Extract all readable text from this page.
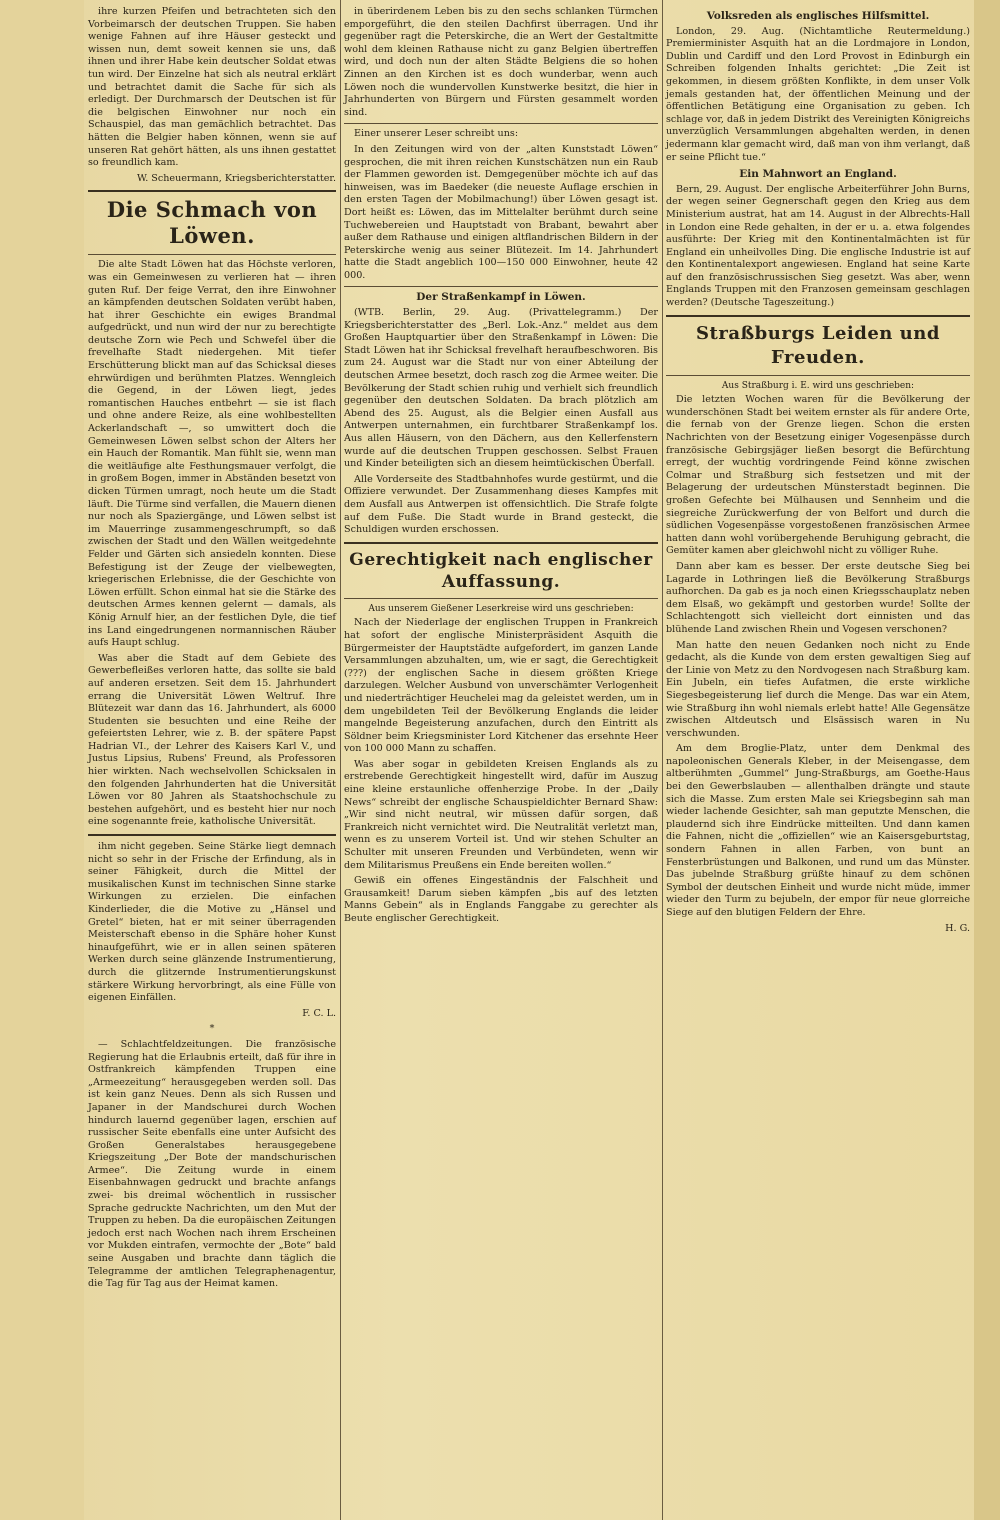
ihre kurzen Pfeifen und betrachteten sich den Vorbeimarsch der deutschen Truppen. Sie haben wenige Fahnen auf ihre Häuser gesteckt und wissen nun, demt soweit kennen sie uns, daß ihnen und ihrer Habe kein deutscher Soldat etwas tun wird. Der Einzelne hat sich als neutral erklärt und betrachtet damit die Sache für sich als erledigt. Der Durchmarsch der Deutschen ist für die belgischen Einwohner nur noch ein Schauspiel, das man gemächlich betrachtet. Das hätten die Belgier haben können, wenn sie auf unseren Rat gehört hätten, als uns ihnen gestattet so freundlich kam.

W. Scheuermann, Kriegsberichterstatter.

Die Schmach von Löwen.

Die alte Stadt Löwen hat das Höchste verloren, was ein Gemeinwesen zu verlieren hat — ihren guten Ruf. Der feige Verrat, den ihre Einwohner an kämpfenden deutschen Soldaten verübt haben, hat ihrer Geschichte ein ewiges Brandmal aufgedrückt, und nun wird der nur zu berechtigte deutsche Zorn wie Pech und Schwefel über die frevelhafte Stadt niedergehen. Mit tiefer Erschütterung blickt man auf das Schicksal dieses ehrwürdigen und berühmten Platzes. Wenngleich die Gegend, in der Löwen liegt, jedes romantischen Hauches entbehrt — sie ist flach und ohne andere Reize, als eine wohlbestellten Ackerlandschaft —, so umwittert doch die Gemeinwesen Löwen selbst schon der Alters her ein Hauch der Romantik. Man fühlt sie, wenn man die weitläufige alte Festhungsmauer verfolgt, die in großem Bogen, immer in Abständen besetzt von dicken Türmen umragt, noch heute um die Stadt läuft. Die Türme sind verfallen, die Mauern dienen nur noch als Spaziergänge, und Löwen selbst ist im Mauerringe zusammengeschrumpft, so daß zwischen der Stadt und den Wällen weitgedehnte Felder und Gärten sich ansiedeln konnten. Diese Befestigung ist der Zeuge der vielbewegten, kriegerischen Erlebnisse, die der Geschichte von Löwen erfüllt. Schon einmal hat sie die Stärke des deutschen Armes kennen gelernt — damals, als König Arnulf hier, an der festlichen Dyle, die tief ins Land eingedrungenen normannischen Räuber aufs Haupt schlug.

Was aber die Stadt auf dem Gebiete des Gewerbefleißes verloren hatte, das sollte sie bald auf anderen ersetzen. Seit dem 15. Jahrhundert errang die Universität Löwen Weltruf. Ihre Blütezeit war dann das 16. Jahrhundert, als 6000 Studenten sie besuchten und eine Reihe der gefeiertsten Lehrer, wie z. B. der spätere Papst Hadrian VI., der Lehrer des Kaisers Karl V., und Justus Lipsius, Rubens' Freund, als Professoren hier wirkten. Nach wechselvollen Schicksalen in den folgenden Jahrhunderten hat die Universität Löwen vor 80 Jahren als Staatshochschule zu bestehen aufgehört, und es besteht hier nur noch eine sogenannte freie, katholische Universität.

ihm nicht gegeben. Seine Stärke liegt demnach nicht so sehr in der Frische der Erfindung, als in seiner Fähigkeit, durch die Mittel der musikalischen Kunst im technischen Sinne starke Wirkungen zu erzielen. Die einfachen Kinderlieder, die die Motive zu „Hänsel und Gretel“ bieten, hat er mit seiner überragenden Meisterschaft ebenso in die Sphäre hoher Kunst hinaufgeführt, wie er in allen seinen späteren Werken durch seine glänzende Instrumentierung, durch die glitzernde Instrumentierungskunst stärkere Wirkung hervorbringt, als eine Fülle von eigenen Einfällen.

F. C. L.

*

— Schlachtfeldzeitungen. Die französische Regierung hat die Erlaubnis erteilt, daß für ihre in Ostfrankreich kämpfenden Truppen eine „Armeezeitung“ herausgegeben werden soll. Das ist kein ganz Neues. Denn als sich Russen und Japaner in der Mandschurei durch Wochen hindurch lauernd gegenüber lagen, erschien auf russischer Seite ebenfalls eine unter Aufsicht des Großen Generalstabes herausgegebene Kriegszeitung „Der Bote der mandschurischen Armee“. Die Zeitung wurde in einem Eisenbahnwagen gedruckt und brachte anfangs zwei- bis dreimal wöchentlich in russischer Sprache gedruckte Nachrichten, um den Mut der Truppen zu heben. Da die europäischen Zeitungen jedoch erst nach Wochen nach ihrem Erscheinen vor Mukden eintrafen, vermochte der „Bote“ bald seine Ausgaben und brachte dann täglich die Telegramme der amtlichen Telegraphenagentur, die Tag für Tag aus der Heimat kamen.

in überirdenem Leben bis zu den sechs schlanken Türmchen emporgeführt, die den steilen Dachfirst überragen. Und ihr gegenüber ragt die Peterskirche, die an Wert der Gestaltmitte wohl dem kleinen Rathause nicht zu ganz Belgien übertreffen wird, und doch nun der alten Städte Belgiens die so hohen Zinnen an den Kirchen ist es doch wunderbar, wenn auch Löwen noch die wundervollen Kunstwerke besitzt, die hier in Jahrhunderten von Bürgern und Fürsten gesammelt worden sind.

Einer unserer Leser schreibt uns:

In den Zeitungen wird von der „alten Kunststadt Löwen“ gesprochen, die mit ihren reichen Kunstschätzen nun ein Raub der Flammen geworden ist. Demgegenüber möchte ich auf das hinweisen, was im Baedeker (die neueste Auflage erschien in den ersten Tagen der Mobilmachung!) über Löwen gesagt ist. Dort heißt es: Löwen, das im Mittelalter berühmt durch seine Tuchwebereien und Hauptstadt von Brabant, bewahrt aber außer dem Rathause und einigen altflandrischen Bildern in der Peterskirche wenig aus seiner Blütezeit. Im 14. Jahrhundert hatte die Stadt angeblich 100—150 000 Einwohner, heute 42 000.

Der Straßenkampf in Löwen.

(WTB. Berlin, 29. Aug. (Privattelegramm.) Der Kriegsberichterstatter des „Berl. Lok.-Anz.“ meldet aus dem Großen Hauptquartier über den Straßenkampf in Löwen: Die Stadt Löwen hat ihr Schicksal frevelhaft heraufbeschworen. Bis zum 24. August war die Stadt nur von einer Abteilung der deutschen Armee besetzt, doch rasch zog die Armee weiter. Die Bevölkerung der Stadt schien ruhig und verhielt sich freundlich gegenüber den deutschen Soldaten. Da brach plötzlich am Abend des 25. August, als die Belgier einen Ausfall aus Antwerpen unternahmen, ein furchtbarer Straßenkampf los. Aus allen Häusern, von den Dächern, aus den Kellerfenstern wurde auf die deutschen Truppen geschossen. Selbst Frauen und Kinder beteiligten sich an diesem heimtückischen Überfall.

Alle Vorderseite des Stadtbahnhofes wurde gestürmt, und die Offiziere verwundet. Der Zusammenhang dieses Kampfes mit dem Ausfall aus Antwerpen ist offensichtlich. Die Strafe folgte auf dem Fuße. Die Stadt wurde in Brand gesteckt, die Schuldigen wurden erschossen.

Gerechtigkeit nach englischer Auffassung.
Aus unserem Gießener Leserkreise wird uns geschrieben:

Nach der Niederlage der englischen Truppen in Frankreich hat sofort der englische Ministerpräsident Asquith die Bürgermeister der Hauptstädte aufgefordert, im ganzen Lande Versammlungen abzuhalten, um, wie er sagt, die Gerechtigkeit (???) der englischen Sache in diesem größten Kriege darzulegen. Welcher Ausbund von unverschämter Verlogenheit und niederträchtiger Heuchelei mag da geleistet werden, um in dem ungebildeten Teil der Bevölkerung Englands die leider mangelnde Begeisterung anzufachen, durch den Eintritt als Söldner beim Kriegsminister Lord Kitchener das ersehnte Heer von 100 000 Mann zu schaffen.

Was aber sogar in gebildeten Kreisen Englands als zu erstrebende Gerechtigkeit hingestellt wird, dafür im Auszug eine kleine erstaunliche offenherzige Probe. In der „Daily News“ schreibt der englische Schauspieldichter Bernard Shaw: „Wir sind nicht neutral, wir müssen dafür sorgen, daß Frankreich nicht vernichtet wird. Die Neutralität verletzt man, wenn es zu unserem Vorteil ist. Und wir stehen Schulter an Schulter mit unseren Freunden und Verbündeten, wenn wir dem Militarismus Preußens ein Ende bereiten wollen.“

Gewiß ein offenes Eingeständnis der Falschheit und Grausamkeit! Darum sieben kämpfen „bis auf des letzten Manns Gebein“ als in Englands Fanggabe zu gerechter als Beute englischer Gerechtigkeit.

Volksreden als englisches Hilfsmittel.

London, 29. Aug. (Nichtamtliche Reutermeldung.) Premierminister Asquith hat an die Lordmajore in London, Dublin und Cardiff und den Lord Provost in Edinburgh ein Schreiben folgenden Inhalts gerichtet: „Die Zeit ist gekommen, in diesem größten Konflikte, in dem unser Volk jemals gestanden hat, der öffentlichen Meinung und der öffentlichen Betätigung eine Organisation zu geben. Ich schlage vor, daß in jedem Distrikt des Vereinigten Königreichs unverzüglich Versammlungen abgehalten werden, in denen jedermann klar gemacht wird, daß man von ihm verlangt, daß er seine Pflicht tue.“

Ein Mahnwort an England.

Bern, 29. August. Der englische Arbeiterführer John Burns, der wegen seiner Gegnerschaft gegen den Krieg aus dem Ministerium austrat, hat am 14. August in der Albrechts-Hall in London eine Rede gehalten, in der er u. a. etwa folgendes ausführte: Der Krieg mit den Kontinentalmächten ist für England ein unheilvolles Ding. Die englische Industrie ist auf den Kontinentalexport angewiesen. England hat seine Karte auf den französischrussischen Sieg gesetzt. Was aber, wenn Englands Truppen mit den Franzosen gemeinsam geschlagen werden? (Deutsche Tageszeitung.)

Straßburgs Leiden und Freuden.
Aus Straßburg i. E. wird uns geschrieben:

Die letzten Wochen waren für die Bevölkerung der wunderschönen Stadt bei weitem ernster als für andere Orte, die fernab von der Grenze liegen. Schon die ersten Nachrichten von der Besetzung einiger Vogesenpässe durch französische Gebirgsjäger ließen besorgt die Befürchtung erregt, der wuchtig vordringende Feind könne zwischen Colmar und Straßburg sich festsetzen und mit der Belagerung der urdeutschen Münsterstadt beginnen. Die großen Gefechte bei Mülhausen und Sennheim und die siegreiche Zurückwerfung der von Belfort und durch die südlichen Vogesenpässe vorgestoßenen französischen Armee hatten dann wohl vorübergehende Beruhigung gebracht, die Gemüter kamen aber gleichwohl nicht zu völliger Ruhe.

Dann aber kam es besser. Der erste deutsche Sieg bei Lagarde in Lothringen ließ die Bevölkerung Straßburgs aufhorchen. Da gab es ja noch einen Kriegsschauplatz neben dem Elsaß, wo gekämpft und gestorben wurde! Sollte der Schlachtengott sich vielleicht dort einnisten und das blühende Land zwischen Rhein und Vogesen verschonen?

Man hatte den neuen Gedanken noch nicht zu Ende gedacht, als die Kunde von dem ersten gewaltigen Sieg auf der Linie von Metz zu den Nordvogesen nach Straßburg kam. Ein Jubeln, ein tiefes Aufatmen, die erste wirkliche Siegesbegeisterung lief durch die Menge. Das war ein Atem, wie Straßburg ihn wohl niemals erlebt hatte! Alle Gegensätze zwischen Altdeutsch und Elsässisch waren in Nu verschwunden.

Am dem Broglie-Platz, unter dem Denkmal des napoleonischen Generals Kleber, in der Meisengasse, dem altberühmten „Gummel“ Jung-Straßburgs, am Goethe-Haus bei den Gewerbslauben — allenthalben drängte und staute sich die Masse. Zum ersten Male sei Kriegsbeginn sah man wieder lachende Gesichter, sah man geputzte Menschen, die plaudernd sich ihre Eindrücke mitteilten. Und dann kamen die Fahnen, nicht die „offiziellen“ wie an Kaisersgeburtstag, sondern Fahnen in allen Farben, von bunt an Fensterbrüstungen und Balkonen, und rund um das Münster. Das jubelnde Straßburg grüßte hinauf zu dem schönen Symbol der deutschen Einheit und wurde nicht müde, immer wieder den Turm zu bejubeln, der empor für neue glorreiche Siege auf den blutigen Feldern der Ehre.

H. G.
